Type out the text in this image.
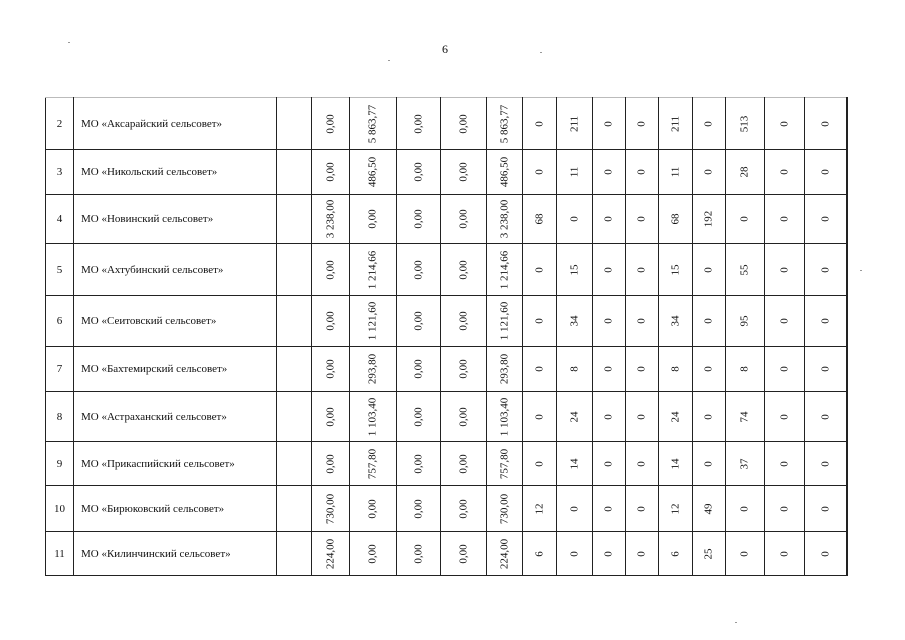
6
2	МО «Аксарайский сельсовет»		0,00	5 863,77	0,00	0,00	5 863,77	0	211	0	0	211	0	513	0	0

3	МО «Никольский сельсовет»		0,00	486,50	0,00	0,00	486,50	0	11	0	0	11	0	28	0	0

4	МО «Новинский сельсовет»		3 238,00	0,00	0,00	0,00	3 238,00	68	0	0	0	68	192	0	0	0

5	МО «Ахтубинский сельсовет»		0,00	1 214,66	0,00	0,00	1 214,66	0	15	0	0	15	0	55	0	0

6	МО «Сеитовский сельсовет»		0,00	1 121,60	0,00	0,00	1 121,60	0	34	0	0	34	0	95	0	0

7	МО «Бахтемирский сельсовет»		0,00	293,80	0,00	0,00	293,80	0	8	0	0	8	0	8	0	0

8	МО «Астраханский сельсовет»		0,00	1 103,40	0,00	0,00	1 103,40	0	24	0	0	24	0	74	0	0

9	МО «Прикаспийский сельсовет»		0,00	757,80	0,00	0,00	757,80	0	14	0	0	14	0	37	0	0

10	МО «Бирюковский сельсовет»		730,00	0,00	0,00	0,00	730,00	12	0	0	0	12	49	0	0	0

11	МО «Килинчинский сельсовет»		224,00	0,00	0,00	0,00	224,00	6	0	0	0	6	25	0	0	0
